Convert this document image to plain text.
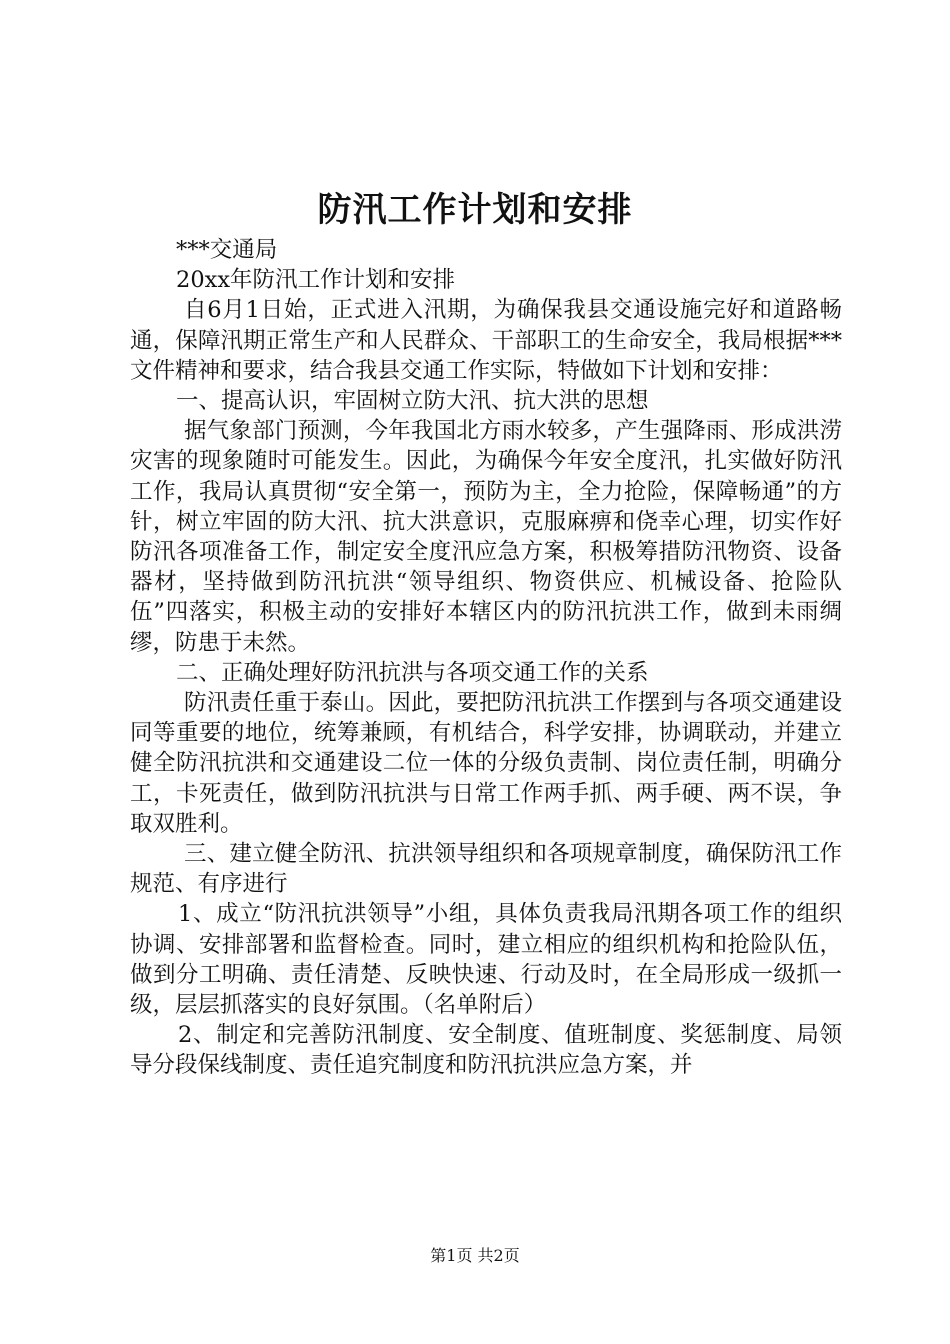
防汛工作计划和安排

***交通局

20xx年防汛工作计划和安排

自6月1日始，正式进入汛期，为确保我县交通设施完好和道路畅通，保障汛期正常生产和人民群众、干部职工的生命安全，我局根据***文件精神和要求，结合我县交通工作实际，特做如下计划和安排：

一、提高认识，牢固树立防大汛、抗大洪的思想

据气象部门预测，今年我国北方雨水较多，产生强降雨、形成洪涝灾害的现象随时可能发生。因此，为确保今年安全度汛，扎实做好防汛工作，我局认真贯彻“安全第一，预防为主，全力抢险，保障畅通”的方针，树立牢固的防大汛、抗大洪意识，克服麻痹和侥幸心理，切实作好防汛各项准备工作，制定安全度汛应急方案，积极筹措防汛物资、设备器材，坚持做到防汛抗洪“领导组织、物资供应、机械设备、抢险队伍”四落实，积极主动的安排好本辖区内的防汛抗洪工作，做到未雨绸缪，防患于未然。

二、正确处理好防汛抗洪与各项交通工作的关系

防汛责任重于泰山。因此，要把防汛抗洪工作摆到与各项交通建设同等重要的地位，统筹兼顾，有机结合，科学安排，协调联动，并建立健全防汛抗洪和交通建设二位一体的分级负责制、岗位责任制，明确分工，卡死责任，做到防汛抗洪与日常工作两手抓、两手硬、两不误，争取双胜利。

三、建立健全防汛、抗洪领导组织和各项规章制度，确保防汛工作规范、有序进行

1、成立“防汛抗洪领导”小组，具体负责我局汛期各项工作的组织协调、安排部署和监督检查。同时，建立相应的组织机构和抢险队伍，做到分工明确、责任清楚、反映快速、行动及时，在全局形成一级抓一级，层层抓落实的良好氛围。（名单附后）

2、制定和完善防汛制度、安全制度、值班制度、奖惩制度、局领导分段保线制度、责任追究制度和防汛抗洪应急方案，并

第1页 共2页
